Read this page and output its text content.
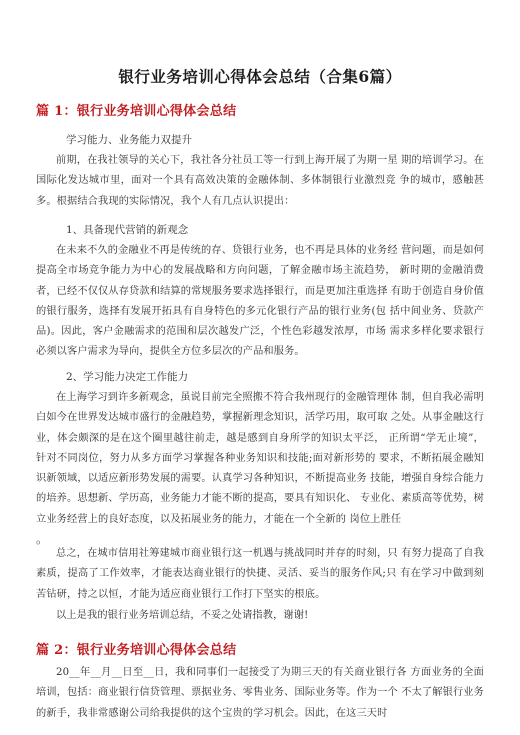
银行业务培训心得体会总结（合集6篇）
篇 1：银行业务培训心得体会总结
学习能力、业务能力双提升
前期，在我社领导的关心下，我社各分社员工等一行到上海开展了为期一星 期的培训学习。在国际化发达城市里，面对一个具有高效决策的金融体制、多体制银行业激烈竞 争的城市，感触甚多。根据结合我现的实际情况，我个人有几点认识提出：
1、具备现代营销的新观念
在未来不久的金融业不再是传统的存、贷银行业务，也不再是具体的业务经 营问题，而是如何提高全市场竞争能力为中心的发展战略和方向问题，了解金融市场主流趋势， 新时期的金融消费者，已经不仅仅从存贷款和结算的常规服务要求选择银行，而是更加注重选择 有助于创造自身价值的银行服务，选择有发展开拓具有自身特色的多元化银行产品的银行业务(包 括中间业务、贷款产品)。因此，客户金融需求的范围和层次越发广泛，个性色彩越发浓厚，市场 需求多样化要求银行必须以客户需求为导向，提供全方位多层次的产品和服务。
2、学习能力决定工作能力
在上海学习到许多新观念，虽说目前完全照搬不符合我州现行的金融管理体 制，但自我必需明白如今在世界发达城市盛行的金融趋势，掌握新理念知识，活学巧用，取可取 之处。从事金融这行业，体会颇深的是在这个圈里越往前走，越是感到自身所学的知识太平泛， 正所谓“学无止境”，针对不同岗位，努力从多方面学习掌握各种业务知识和技能;面对新形势的 要求，不断拓展金融知识新领域，以适应新形势发展的需要。认真学习各种知识，不断提高业务 技能，增强自身综合能力的培养。思想新、学历高，业务能力才能不断的提高，要具有知识化、 专业化、素质高等优势，树立业务经营上的良好态度，以及拓展业务的能力，才能在一个全新的 岗位上胜任
。
总之，在城市信用社筹建城市商业银行这一机遇与挑战同时并存的时刻，只 有努力提高了自我素质，提高了工作效率，才能表达商业银行的快捷、灵活、妥当的服务作风;只 有在学习中做到刻苦钻研，持之以恒，才能为适应商业银行工作打下坚实的根底。
以上是我的银行业务培训总结，不妥之处请指教，谢谢!
篇 2：银行业务培训心得体会总结
20__年__月__日至__日，我和同事们一起接受了为期三天的有关商业银行各 方面业务的全面培训，包括：商业银行信贷管理、票据业务、零售业务、国际业务等。作为一个 不太了解银行业务的新手，我非常感谢公司给我提供的这个宝贵的学习机会。因此，在这三天时
